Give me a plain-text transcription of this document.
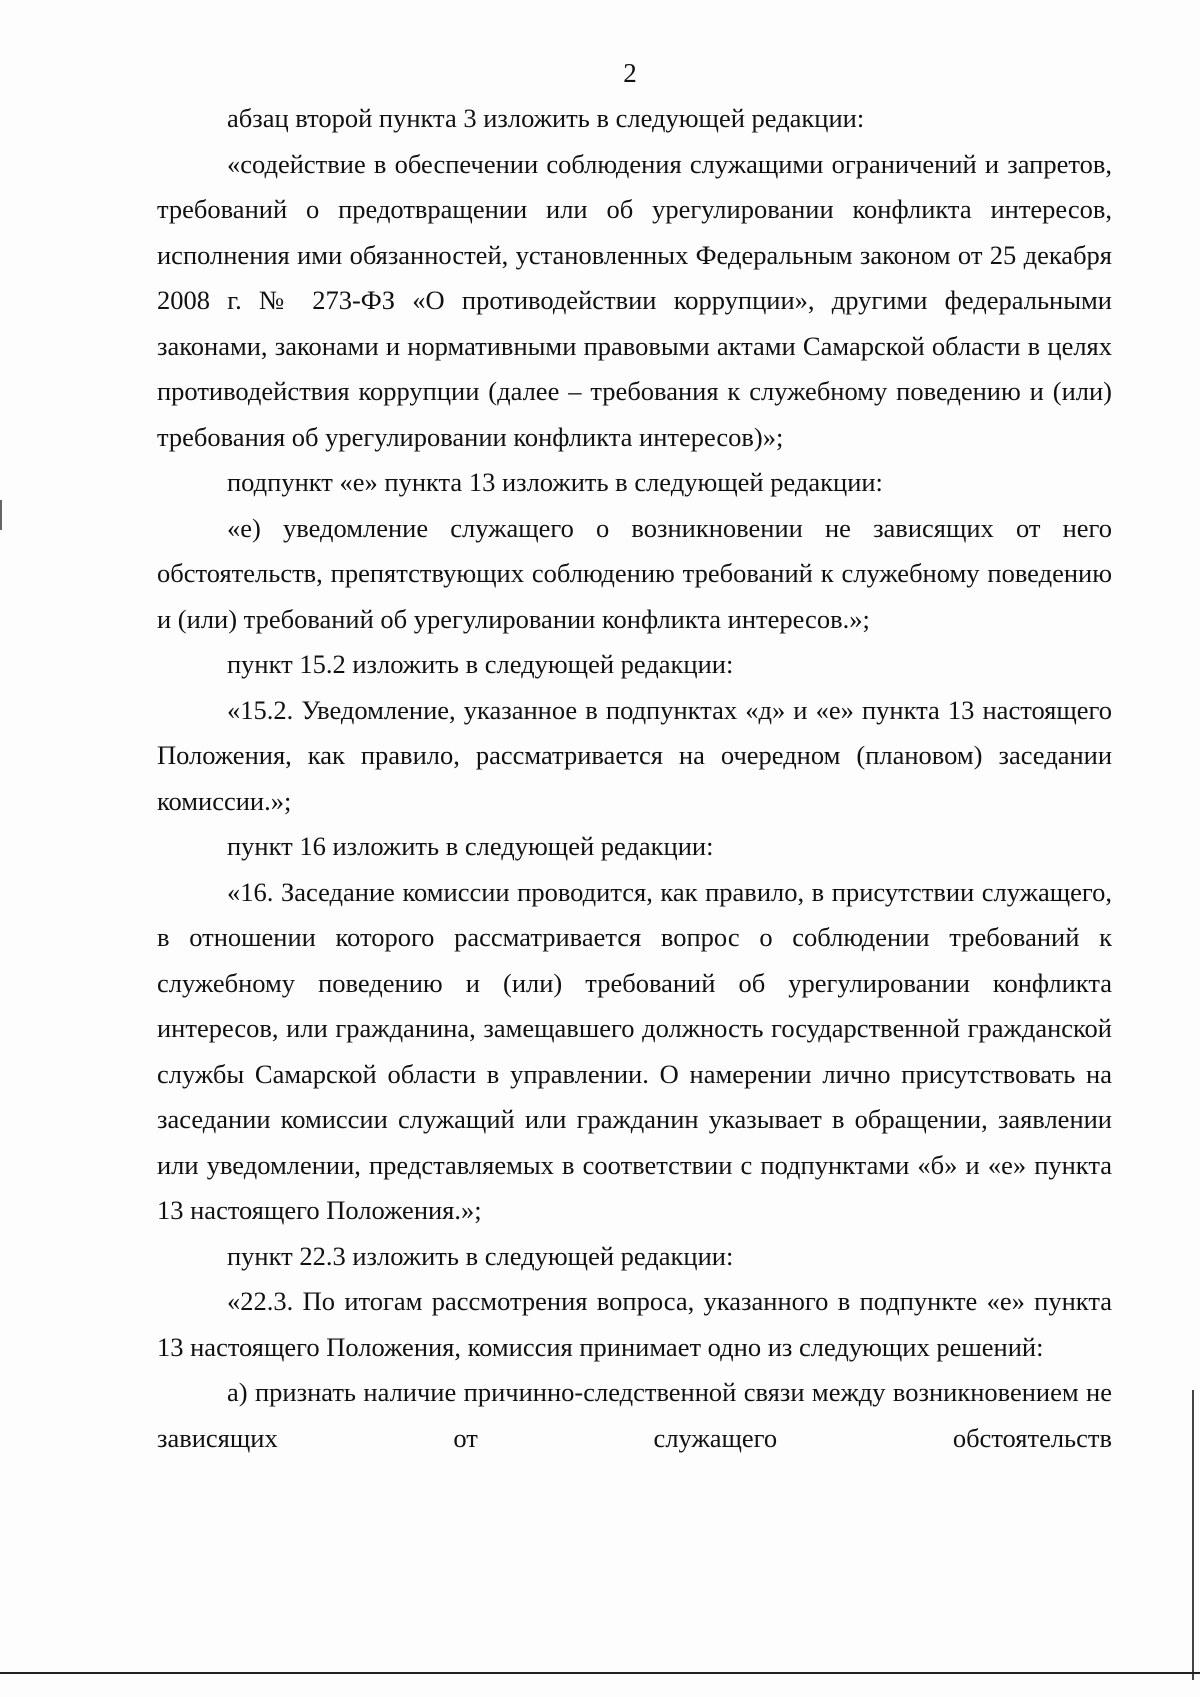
2

абзац второй пункта 3 изложить в следующей редакции:

«содействие в обеспечении соблюдения служащими ограничений и запретов, требований о предотвращении или об урегулировании конфликта интересов, исполнения ими обязанностей, установленных Федеральным законом от 25 декабря 2008 г. № 273-ФЗ «О противодействии коррупции», другими федеральными законами, законами и нормативными правовыми актами Самарской области в целях противодействия коррупции (далее – требования к служебному поведению и (или) требования об урегулировании конфликта интересов)»;

подпункт «е» пункта 13 изложить в следующей редакции:

«е) уведомление служащего о возникновении не зависящих от него обстоятельств, препятствующих соблюдению требований к служебному поведению и (или) требований об урегулировании конфликта интересов.»;

пункт 15.2 изложить в следующей редакции:

«15.2. Уведомление, указанное в подпунктах «д» и «е» пункта 13 настоящего Положения, как правило, рассматривается на очередном (плановом) заседании комиссии.»;

пункт 16 изложить в следующей редакции:

«16. Заседание комиссии проводится, как правило, в присутствии служащего, в отношении которого рассматривается вопрос о соблюдении требований к служебному поведению и (или) требований об урегулировании конфликта интересов, или гражданина, замещавшего должность государственной гражданской службы Самарской области в управлении. О намерении лично присутствовать на заседании комиссии служащий или гражданин указывает в обращении, заявлении или уведомлении, представляемых в соответствии с подпунктами «б» и «е» пункта 13 настоящего Положения.»;

пункт 22.3 изложить в следующей редакции:

«22.3. По итогам рассмотрения вопроса, указанного в подпункте «е» пункта 13 настоящего Положения, комиссия принимает одно из следующих решений:

а) признать наличие причинно-следственной связи между возникновением не зависящих от служащего обстоятельств
